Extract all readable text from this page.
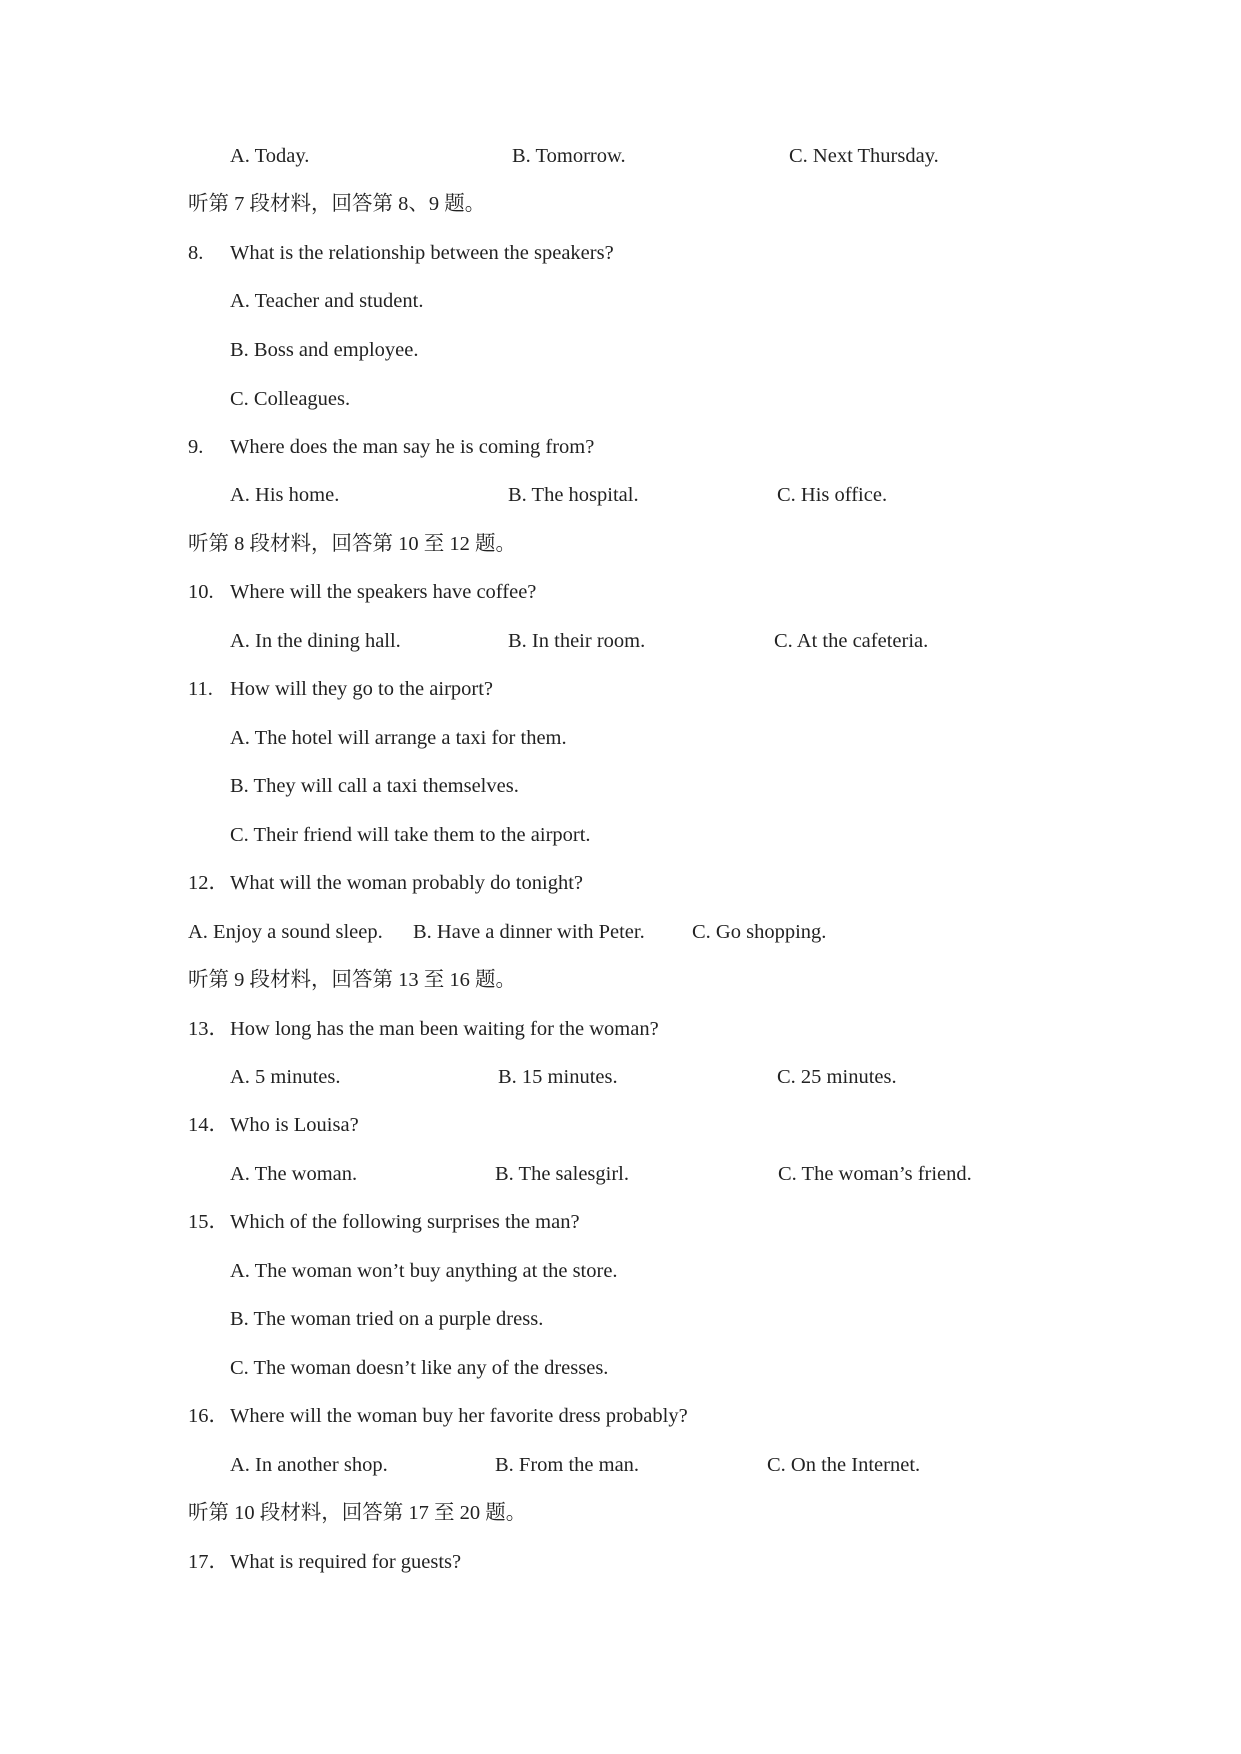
A. Today.	B. Tomorrow.	C. Next Thursday.
听第 7 段材料，回答第 8、9 题。
8. What is the relationship between the speakers?
A. Teacher and student.
B. Boss and employee.
C. Colleagues.
9. Where does the man say he is coming from?
A. His home.	B. The hospital.	C. His office.
听第 8 段材料，回答第 10 至 12 题。
10. Where will the speakers have coffee?
A. In the dining hall.	B. In their room.	C. At the cafeteria.
11. How will they go to the airport?
A. The hotel will arrange a taxi for them.
B. They will call a taxi themselves.
C. Their friend will take them to the airport.
12． What will the woman probably do tonight?
A. Enjoy a sound sleep. B. Have a dinner with Peter. C. Go shopping.
听第 9 段材料，回答第 13 至 16 题。
13． How long has the man been waiting for the woman?
A. 5 minutes.	B. 15 minutes.	C. 25 minutes.
14． Who is Louisa?
A. The woman.	B. The salesgirl.	C. The woman’s friend.
15． Which of the following surprises the man?
A. The woman won’t buy anything at the store.
B. The woman tried on a purple dress.
C. The woman doesn’t like any of the dresses.
16． Where will the woman buy her favorite dress probably?
A. In another shop.	B. From the man.	C. On the Internet.
听第 10 段材料，回答第 17 至 20 题。
17． What is required for guests?
